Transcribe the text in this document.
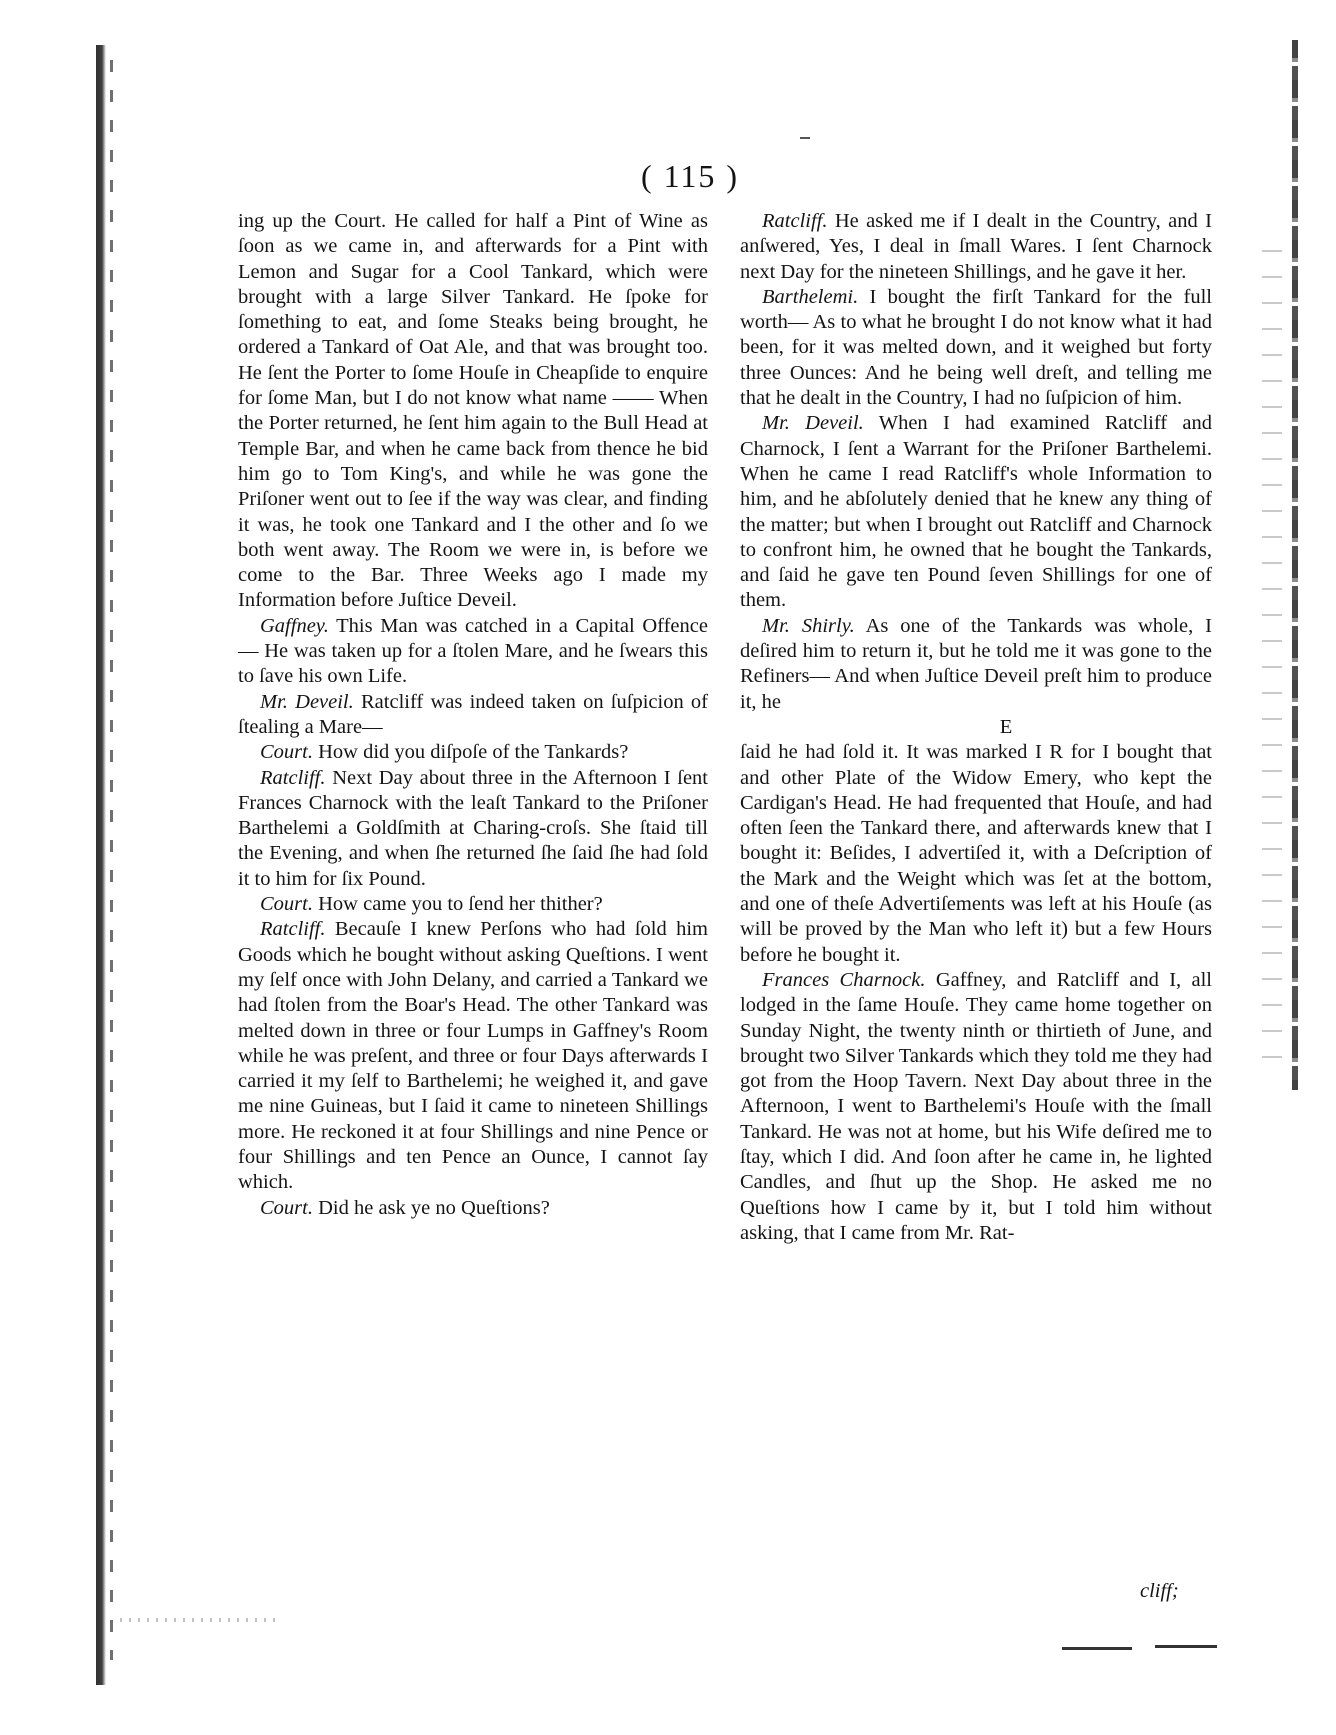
( 115 )

ing up the Court. He called for half a Pint of Wine as ſoon as we came in, and afterwards for a Pint with Lemon and Sugar for a Cool Tankard, which were brought with a large Silver Tankard. He ſpoke for ſomething to eat, and ſome Steaks being brought, he ordered a Tankard of Oat Ale, and that was brought too. He ſent the Porter to ſome Houſe in Cheapſide to enquire for ſome Man, but I do not know what name —— When the Porter returned, he ſent him again to the Bull Head at Temple Bar, and when he came back from thence he bid him go to Tom King's, and while he was gone the Priſoner went out to ſee if the way was clear, and finding it was, he took one Tankard and I the other and ſo we both went away. The Room we were in, is before we come to the Bar. Three Weeks ago I made my Information before Juſtice Deveil.

Gaffney. This Man was catched in a Capital Offence— He was taken up for a ſtolen Mare, and he ſwears this to ſave his own Life.

Mr. Deveil. Ratcliff was indeed taken on ſuſpicion of ſtealing a Mare—

Court. How did you diſpoſe of the Tankards?

Ratcliff. Next Day about three in the Afternoon I ſent Frances Charnock with the leaſt Tankard to the Priſoner Barthelemi a Goldſmith at Charing-croſs. She ſtaid till the Evening, and when ſhe returned ſhe ſaid ſhe had ſold it to him for ſix Pound.

Court. How came you to ſend her thither?

Ratcliff. Becauſe I knew Perſons who had ſold him Goods which he bought without asking Queſtions. I went my ſelf once with John Delany, and carried a Tankard we had ſtolen from the Boar's Head. The other Tankard was melted down in three or four Lumps in Gaffney's Room while he was preſent, and three or four Days afterwards I carried it my ſelf to Barthelemi; he weighed it, and gave me nine Guineas, but I ſaid it came to nineteen Shillings more. He reckoned it at four Shillings and nine Pence or four Shillings and ten Pence an Ounce, I cannot ſay which.

Court. Did he ask ye no Queſtions?

Ratcliff. He asked me if I dealt in the Country, and I anſwered, Yes, I deal in ſmall Wares. I ſent Charnock next Day for the nineteen Shillings, and he gave it her.

Barthelemi. I bought the firſt Tankard for the full worth— As to what he brought I do not know what it had been, for it was melted down, and it weighed but forty three Ounces: And he being well dreſt, and telling me that he dealt in the Country, I had no ſuſpicion of him.

Mr. Deveil. When I had examined Ratcliff and Charnock, I ſent a Warrant for the Priſoner Barthelemi. When he came I read Ratcliff's whole Information to him, and he abſolutely denied that he knew any thing of the matter; but when I brought out Ratcliff and Charnock to confront him, he owned that he bought the Tankards, and ſaid he gave ten Pound ſeven Shillings for one of them.

Mr. Shirly. As one of the Tankards was whole, I deſired him to return it, but he told me it was gone to the Refiners— And when Juſtice Deveil preſt him to produce it, he

E

ſaid he had ſold it. It was marked I R for I bought that and other Plate of the Widow Emery, who kept the Cardigan's Head. He had frequented that Houſe, and had often ſeen the Tankard there, and afterwards knew that I bought it: Beſides, I advertiſed it, with a Deſcription of the Mark and the Weight which was ſet at the bottom, and one of theſe Advertiſements was left at his Houſe (as will be proved by the Man who left it) but a few Hours before he bought it.

Frances Charnock. Gaffney, and Ratcliff and I, all lodged in the ſame Houſe. They came home together on Sunday Night, the twenty ninth or thirtieth of June, and brought two Silver Tankards which they told me they had got from the Hoop Tavern. Next Day about three in the Afternoon, I went to Barthelemi's Houſe with the ſmall Tankard. He was not at home, but his Wife deſired me to ſtay, which I did. And ſoon after he came in, he lighted Candles, and ſhut up the Shop. He asked me no Queſtions how I came by it, but I told him without asking, that I came from Mr. Rat-

cliff;
